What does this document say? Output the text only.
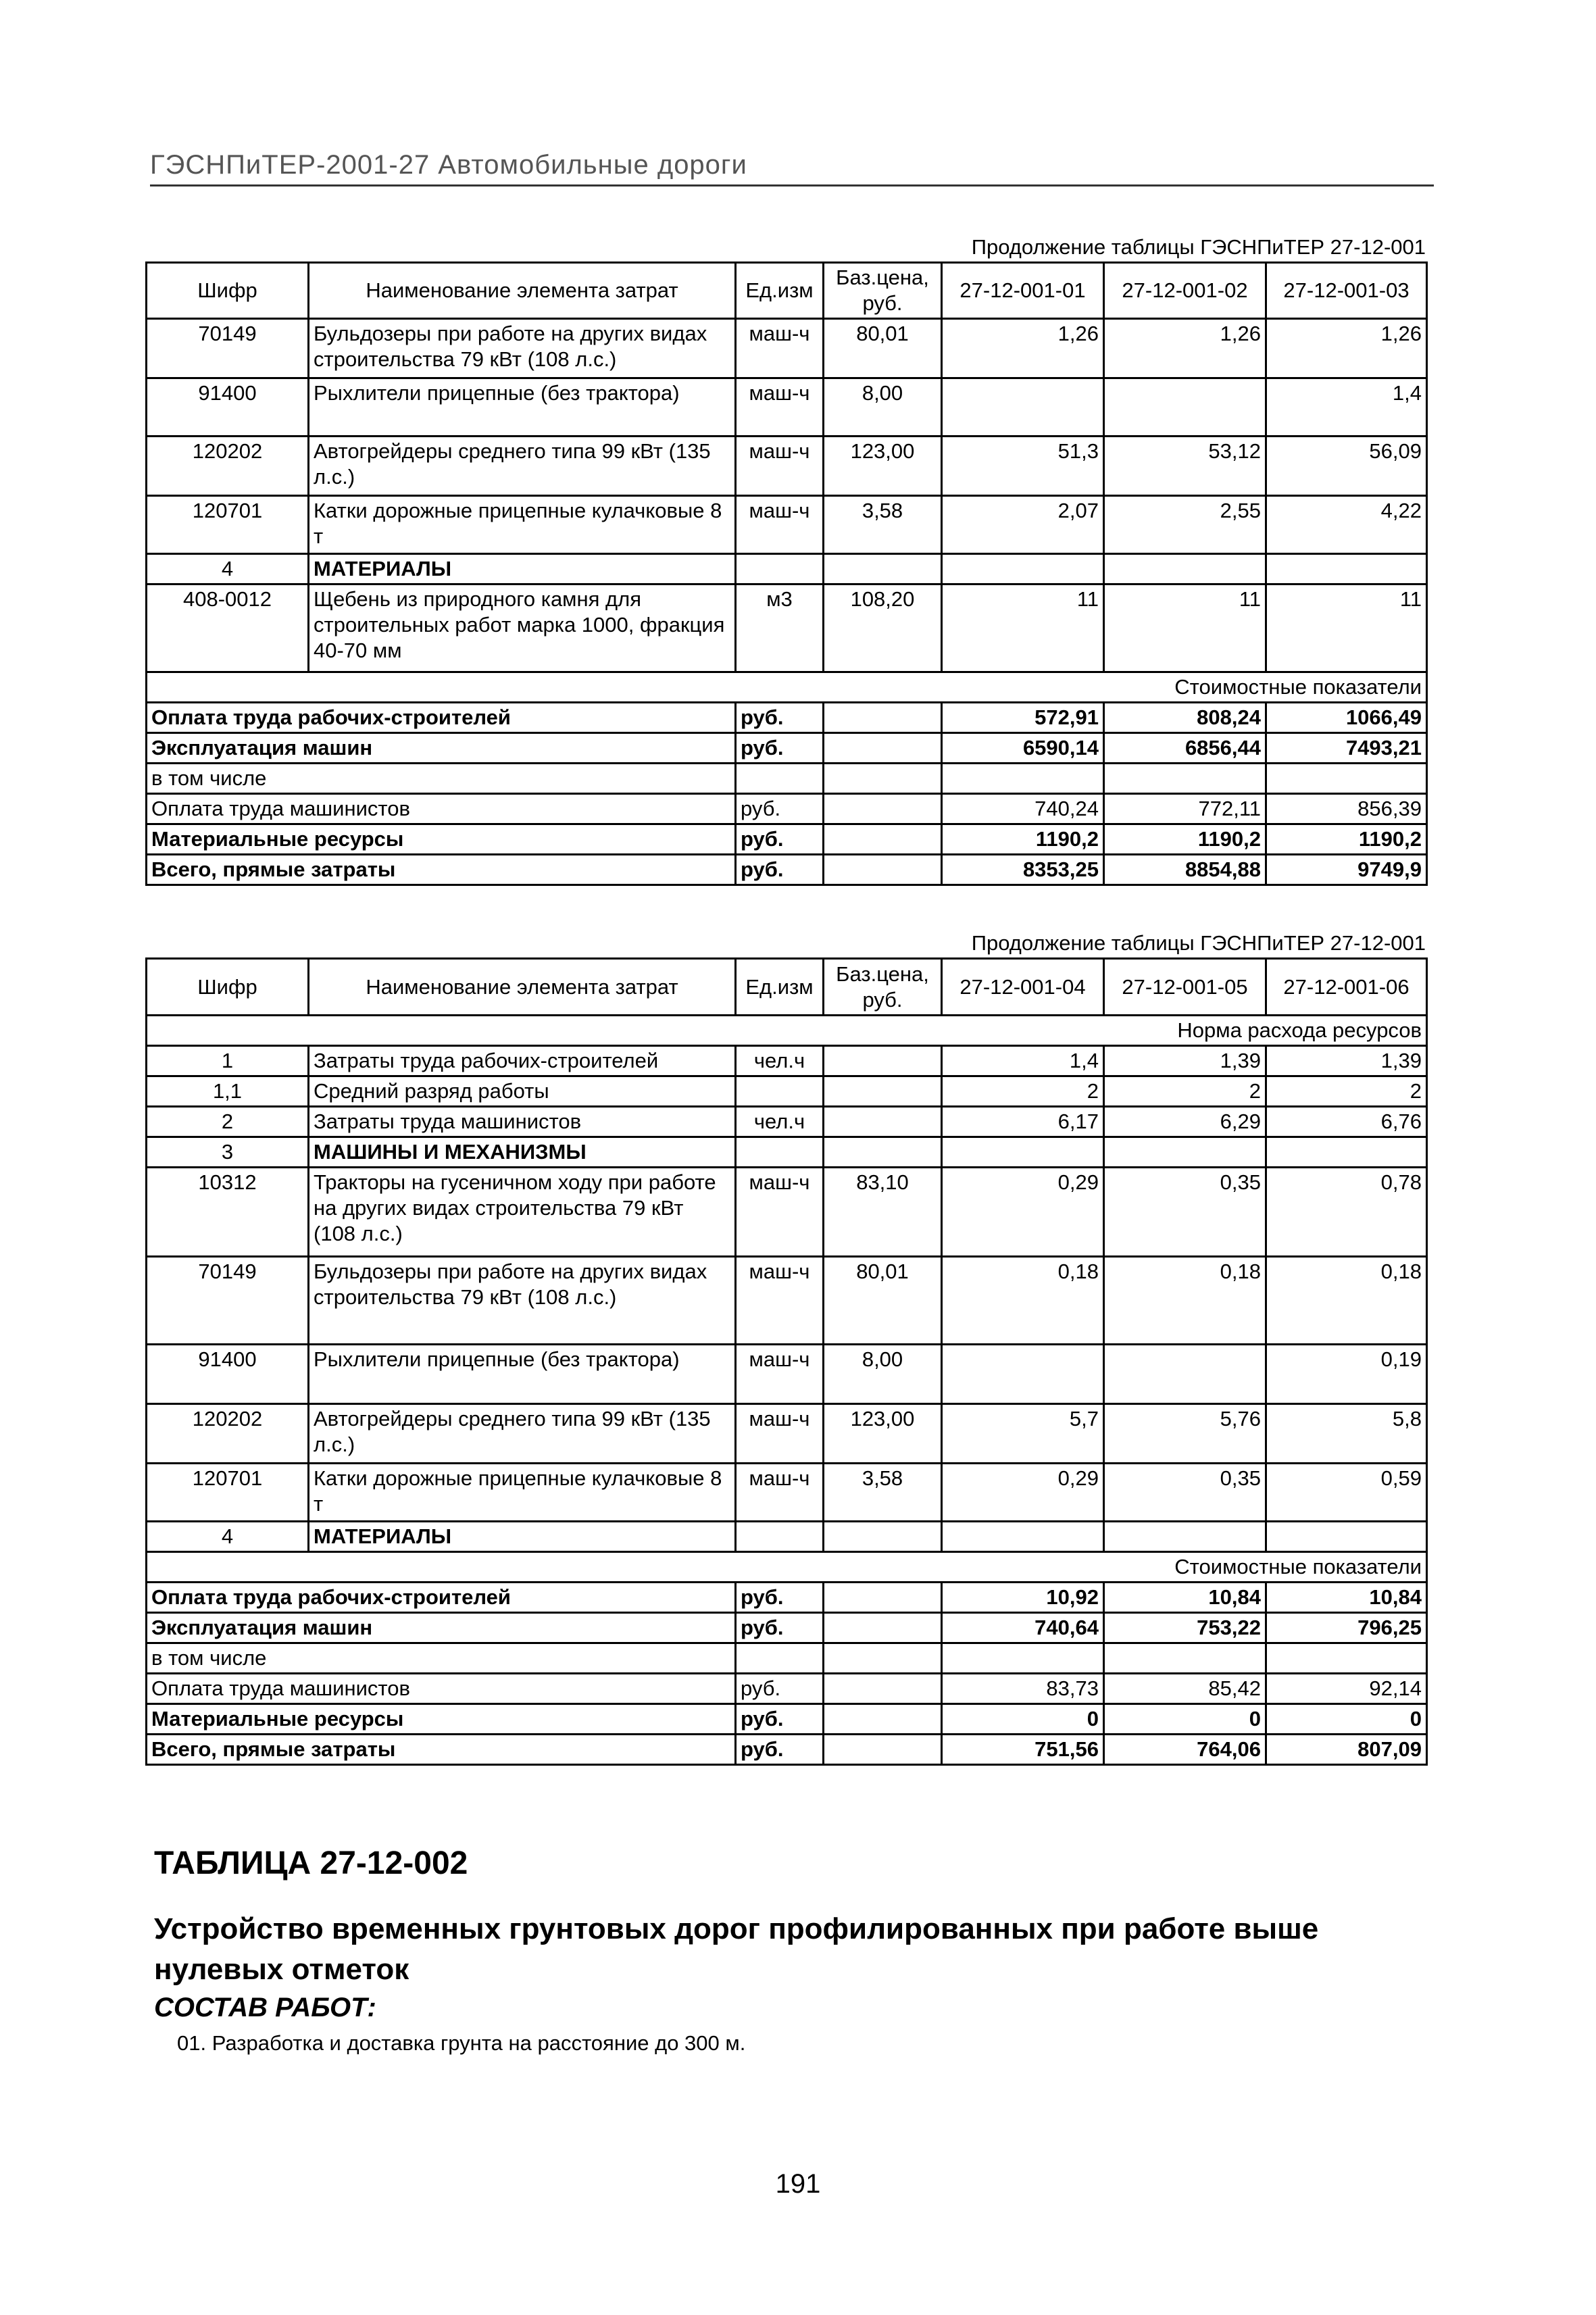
ГЭСНПиТЕР-2001-27 Автомобильные дороги
Продолжение таблицы ГЭСНПиТЕР 27-12-001
Шифр	Наименование элемента затрат	Ед.изм	Баз.цена, руб.	27-12-001-01	27-12-001-02	27-12-001-03
70149	Бульдозеры при работе на других видах строительства 79 кВт (108 л.с.)	маш-ч	80,01	1,26	1,26	1,26
91400	Рыхлители прицепные (без трактора)	маш-ч	8,00			1,4
120202	Автогрейдеры среднего типа 99 кВт (135 л.с.)	маш-ч	123,00	51,3	53,12	56,09
120701	Катки дорожные прицепные кулачковые 8 т	маш-ч	3,58	2,07	2,55	4,22
4	МАТЕРИАЛЫ					
408-0012	Щебень из природного камня для строительных работ марка 1000, фракция 40-70 мм	м3	108,20	11	11	11
Стоимостные показатели						
Оплата труда рабочих-строителей		руб.		572,91	808,24	1066,49
Эксплуатация машин		руб.		6590,14	6856,44	7493,21
в том числе						
Оплата труда машинистов		руб.		740,24	772,11	856,39
Материальные ресурсы		руб.		1190,2	1190,2	1190,2
Всего, прямые затраты		руб.		8353,25	8854,88	9749,9
Продолжение таблицы ГЭСНПиТЕР 27-12-001
Шифр	Наименование элемента затрат	Ед.изм	Баз.цена, руб.	27-12-001-04	27-12-001-05	27-12-001-06
Норма расхода ресурсов						
1	Затраты труда рабочих-строителей	чел.ч		1,4	1,39	1,39
1,1	Средний разряд работы			2	2	2
2	Затраты труда машинистов	чел.ч		6,17	6,29	6,76
3	МАШИНЫ И МЕХАНИЗМЫ					
10312	Тракторы на гусеничном ходу при работе на других видах строительства 79 кВт (108 л.с.)	маш-ч	83,10	0,29	0,35	0,78
70149	Бульдозеры при работе на других видах строительства 79 кВт (108 л.с.)	маш-ч	80,01	0,18	0,18	0,18
91400	Рыхлители прицепные (без трактора)	маш-ч	8,00			0,19
120202	Автогрейдеры среднего типа 99 кВт (135 л.с.)	маш-ч	123,00	5,7	5,76	5,8
120701	Катки дорожные прицепные кулачковые 8 т	маш-ч	3,58	0,29	0,35	0,59
4	МАТЕРИАЛЫ					
Стоимостные показатели						
Оплата труда рабочих-строителей		руб.		10,92	10,84	10,84
Эксплуатация машин		руб.		740,64	753,22	796,25
в том числе						
Оплата труда машинистов		руб.		83,73	85,42	92,14
Материальные ресурсы		руб.		0	0	0
Всего, прямые затраты		руб.		751,56	764,06	807,09
ТАБЛИЦА 27-12-002
Устройство временных грунтовых дорог профилированных при работе выше нулевых отметок
СОСТАВ РАБОТ:
01. Разработка и доставка грунта на расстояние до 300 м.
191
